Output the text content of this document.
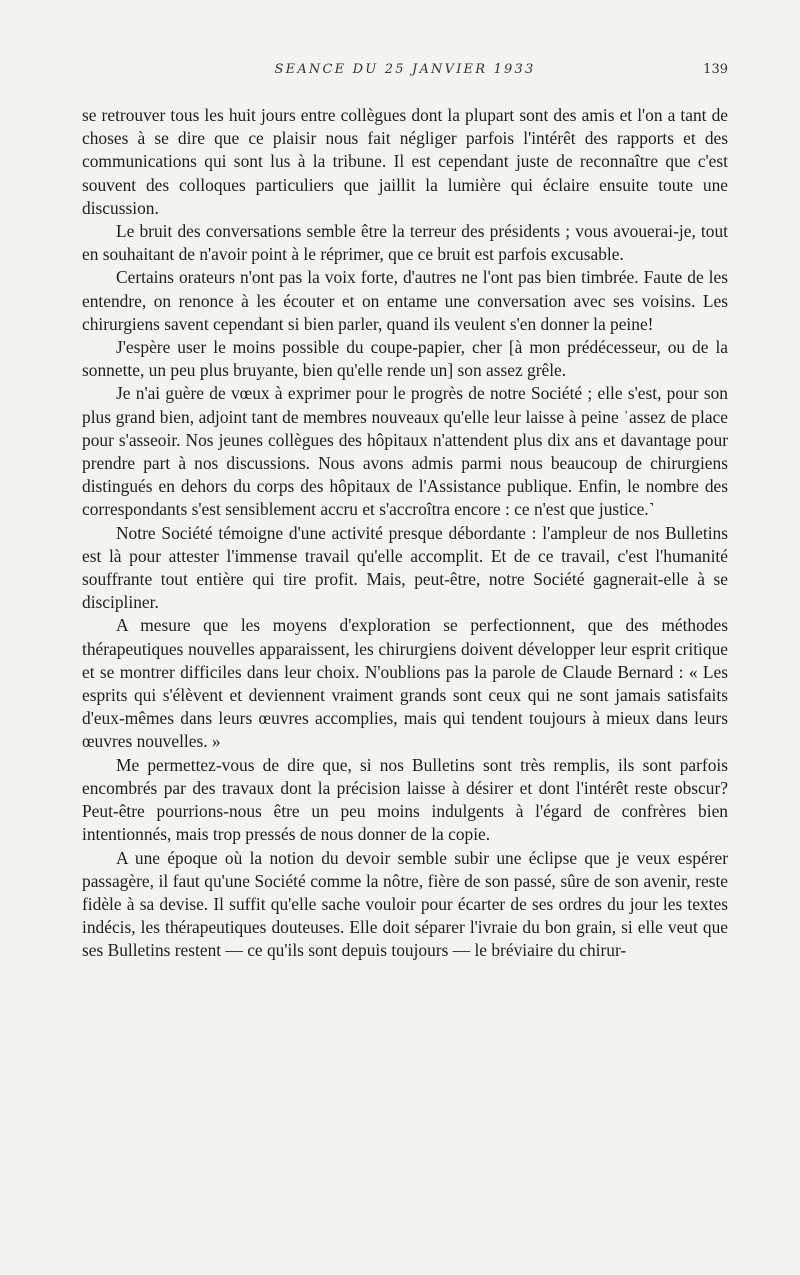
SEANCE DU 25 JANVIER 1933	139

se retrouver tous les huit jours entre collègues dont la plupart sont des amis et l'on a tant de choses à se dire que ce plaisir nous fait négliger parfois l'intérêt des rapports et des communications qui sont lus à la tribune. Il est cependant juste de reconnaître que c'est souvent des colloques particuliers que jaillit la lumière qui éclaire ensuite toute une discussion.

Le bruit des conversations semble être la terreur des présidents ; vous avouerai-je, tout en souhaitant de n'avoir point à le réprimer, que ce bruit est parfois excusable.

Certains orateurs n'ont pas la voix forte, d'autres ne l'ont pas bien timbrée. Faute de les entendre, on renonce à les écouter et on entame une conversation avec ses voisins. Les chirurgiens savent cependant si bien parler, quand ils veulent s'en donner la peine!

J'espère user le moins possible du coupe-papier, cher [à mon prédécesseur, ou de la sonnette, un peu plus bruyante, bien qu'elle rende un] son assez grêle.

Je n'ai guère de vœux à exprimer pour le progrès de notre Société ; elle s'est, pour son plus grand bien, adjoint tant de membres nouveaux qu'elle leur laisse à peine ˈassez de place pour s'asseoir. Nos jeunes collègues des hôpitaux n'attendent plus dix ans et davantage pour prendre part à nos discussions. Nous avons admis parmi nous beaucoup de chirurgiens distingués en dehors du corps des hôpitaux de l'Assistance publique. Enfin, le nombre des correspondants s'est sensiblement accru et s'accroîtra encore : ce n'est que justice.˺

Notre Société témoigne d'une activité presque débordante : l'ampleur de nos Bulletins est là pour attester l'immense travail qu'elle accomplit. Et de ce travail, c'est l'humanité souffrante tout entière qui tire profit. Mais, peut-être, notre Société gagnerait-elle à se discipliner.

A mesure que les moyens d'exploration se perfectionnent, que des méthodes thérapeutiques nouvelles apparaissent, les chirurgiens doivent développer leur esprit critique et se montrer difficiles dans leur choix. N'oublions pas la parole de Claude Bernard : « Les esprits qui s'élèvent et deviennent vraiment grands sont ceux qui ne sont jamais satisfaits d'eux-mêmes dans leurs œuvres accomplies, mais qui tendent toujours à mieux dans leurs œuvres nouvelles. »

Me permettez-vous de dire que, si nos Bulletins sont très remplis, ils sont parfois encombrés par des travaux dont la précision laisse à désirer et dont l'intérêt reste obscur? Peut-être pourrions-nous être un peu moins indulgents à l'égard de confrères bien intentionnés, mais trop pressés de nous donner de la copie.

A une époque où la notion du devoir semble subir une éclipse que je veux espérer passagère, il faut qu'une Société comme la nôtre, fière de son passé, sûre de son avenir, reste fidèle à sa devise. Il suffit qu'elle sache vouloir pour écarter de ses ordres du jour les textes indécis, les thérapeutiques douteuses. Elle doit séparer l'ivraie du bon grain, si elle veut que ses Bulletins restent — ce qu'ils sont depuis toujours — le bréviaire du chirur-
